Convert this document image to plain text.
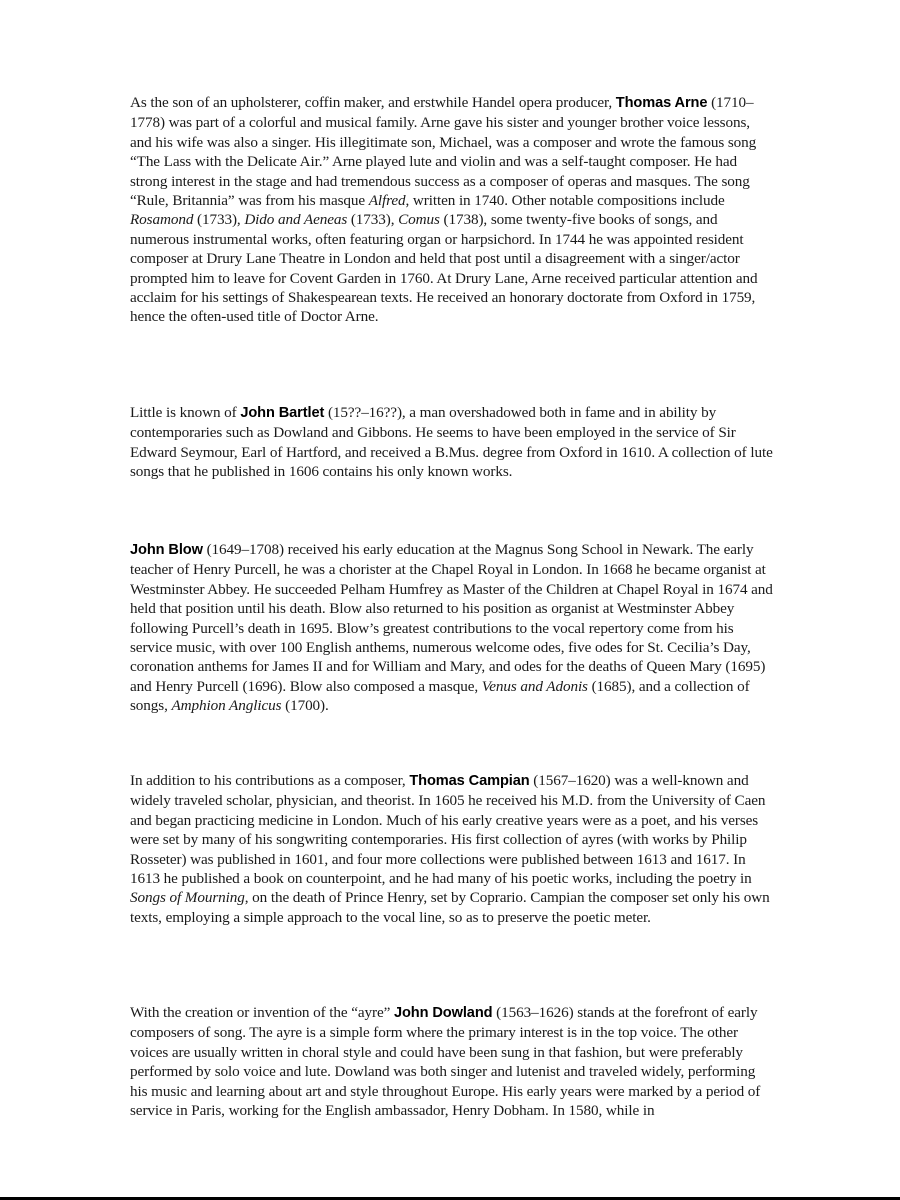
As the son of an upholsterer, coffin maker, and erstwhile Handel opera producer, Thomas Arne (1710–1778) was part of a colorful and musical family. Arne gave his sister and younger brother voice lessons, and his wife was also a singer. His illegitimate son, Michael, was a composer and wrote the famous song “The Lass with the Delicate Air.” Arne played lute and violin and was a self-taught composer. He had strong interest in the stage and had tremendous success as a composer of operas and masques. The song “Rule, Britannia” was from his masque Alfred, written in 1740. Other notable compositions include Rosamond (1733), Dido and Aeneas (1733), Comus (1738), some twenty-five books of songs, and numerous instrumental works, often featuring organ or harpsichord. In 1744 he was appointed resident composer at Drury Lane Theatre in London and held that post until a disagreement with a singer/actor prompted him to leave for Covent Garden in 1760. At Drury Lane, Arne received particular attention and acclaim for his settings of Shakespearean texts. He received an honorary doctorate from Oxford in 1759, hence the often-used title of Doctor Arne.
Little is known of John Bartlet (15??–16??), a man overshadowed both in fame and in ability by contemporaries such as Dowland and Gibbons. He seems to have been employed in the service of Sir Edward Seymour, Earl of Hartford, and received a B.Mus. degree from Oxford in 1610. A collection of lute songs that he published in 1606 contains his only known works.
John Blow (1649–1708) received his early education at the Magnus Song School in Newark. The early teacher of Henry Purcell, he was a chorister at the Chapel Royal in London. In 1668 he became organist at Westminster Abbey. He succeeded Pelham Humfrey as Master of the Children at Chapel Royal in 1674 and held that position until his death. Blow also returned to his position as organist at Westminster Abbey following Purcell’s death in 1695. Blow’s greatest contributions to the vocal repertory come from his service music, with over 100 English anthems, numerous welcome odes, five odes for St. Cecilia’s Day, coronation anthems for James II and for William and Mary, and odes for the deaths of Queen Mary (1695) and Henry Purcell (1696). Blow also composed a masque, Venus and Adonis (1685), and a collection of songs, Amphion Anglicus (1700).
In addition to his contributions as a composer, Thomas Campian (1567–1620) was a well-known and widely traveled scholar, physician, and theorist. In 1605 he received his M.D. from the University of Caen and began practicing medicine in London. Much of his early creative years were as a poet, and his verses were set by many of his songwriting contemporaries. His first collection of ayres (with works by Philip Rosseter) was published in 1601, and four more collections were published between 1613 and 1617. In 1613 he published a book on counterpoint, and he had many of his poetic works, including the poetry in Songs of Mourning, on the death of Prince Henry, set by Coprario. Campian the composer set only his own texts, employing a simple approach to the vocal line, so as to preserve the poetic meter.
With the creation or invention of the “ayre” John Dowland (1563–1626) stands at the forefront of early composers of song. The ayre is a simple form where the primary interest is in the top voice. The other voices are usually written in choral style and could have been sung in that fashion, but were preferably performed by solo voice and lute. Dowland was both singer and lutenist and traveled widely, performing his music and learning about art and style throughout Europe. His early years were marked by a period of service in Paris, working for the English ambassador, Henry Dobham. In 1580, while in
